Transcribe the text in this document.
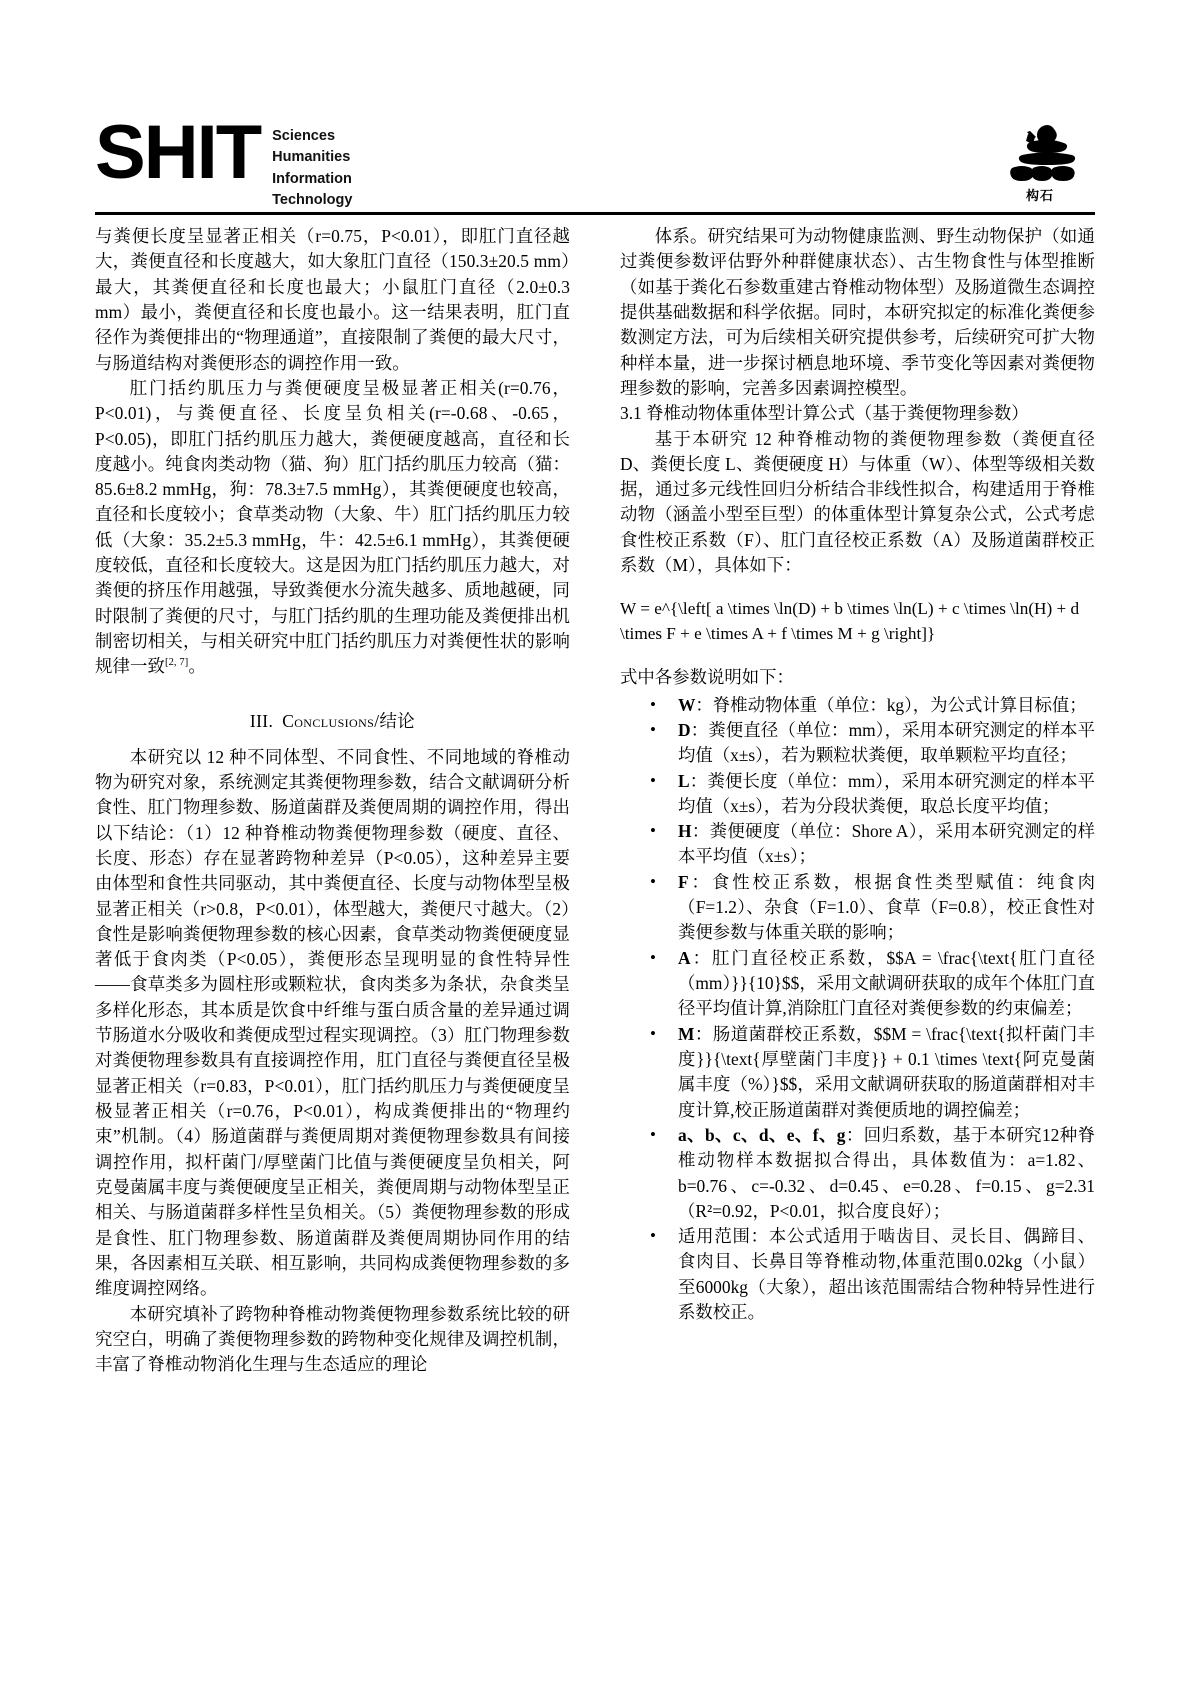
SHIT Sciences
Humanities
Information
Technology	构石

与粪便长度呈显著正相关（r=0.75，P<0.01），即肛门直径越大，粪便直径和长度越大，如大象肛门直径（150.3±20.5 mm）最大，其粪便直径和长度也最大；小鼠肛门直径（2.0±0.3 mm）最小，粪便直径和长度也最小。这一结果表明，肛门直径作为粪便排出的“物理通道”，直接限制了粪便的最大尺寸，与肠道结构对粪便形态的调控作用一致。

肛门括约肌压力与粪便硬度呈极显著正相关(r=0.76，P<0.01)，与粪便直径、长度呈负相关(r=-0.68、-0.65，P<0.05)，即肛门括约肌压力越大，粪便硬度越高，直径和长度越小。纯食肉类动物（猫、狗）肛门括约肌压力较高（猫：85.6±8.2 mmHg，狗：78.3±7.5 mmHg），其粪便硬度也较高，直径和长度较小；食草类动物（大象、牛）肛门括约肌压力较低（大象：35.2±5.3 mmHg，牛：42.5±6.1 mmHg），其粪便硬度较低，直径和长度较大。这是因为肛门括约肌压力越大，对粪便的挤压作用越强，导致粪便水分流失越多、质地越硬，同时限制了粪便的尺寸，与肛门括约肌的生理功能及粪便排出机制密切相关，与相关研究中肛门括约肌压力对粪便性状的影响规律一致[2, 7]。

III. Conclusions/结论

本研究以 12 种不同体型、不同食性、不同地域的脊椎动物为研究对象，系统测定其粪便物理参数，结合文献调研分析食性、肛门物理参数、肠道菌群及粪便周期的调控作用，得出以下结论：（1）12 种脊椎动物粪便物理参数（硬度、直径、长度、形态）存在显著跨物种差异（P<0.05），这种差异主要由体型和食性共同驱动，其中粪便直径、长度与动物体型呈极显著正相关（r>0.8，P<0.01），体型越大，粪便尺寸越大。（2）食性是影响粪便物理参数的核心因素，食草类动物粪便硬度显著低于食肉类（P<0.05），粪便形态呈现明显的食性特异性——食草类多为圆柱形或颗粒状，食肉类多为条状，杂食类呈多样化形态，其本质是饮食中纤维与蛋白质含量的差异通过调节肠道水分吸收和粪便成型过程实现调控。（3）肛门物理参数对粪便物理参数具有直接调控作用，肛门直径与粪便直径呈极显著正相关（r=0.83，P<0.01），肛门括约肌压力与粪便硬度呈极显著正相关（r=0.76，P<0.01），构成粪便排出的“物理约束”机制。（4）肠道菌群与粪便周期对粪便物理参数具有间接调控作用，拟杆菌门/厚壁菌门比值与粪便硬度呈负相关，阿克曼菌属丰度与粪便硬度呈正相关，粪便周期与动物体型呈正相关、与肠道菌群多样性呈负相关。（5）粪便物理参数的形成是食性、肛门物理参数、肠道菌群及粪便周期协同作用的结果，各因素相互关联、相互影响，共同构成粪便物理参数的多维度调控网络。

本研究填补了跨物种脊椎动物粪便物理参数系统比较的研究空白，明确了粪便物理参数的跨物种变化规律及调控机制，丰富了脊椎动物消化生理与生态适应的理论

体系。研究结果可为动物健康监测、野生动物保护（如通过粪便参数评估野外种群健康状态）、古生物食性与体型推断（如基于粪化石参数重建古脊椎动物体型）及肠道微生态调控提供基础数据和科学依据。同时，本研究拟定的标准化粪便参数测定方法，可为后续相关研究提供参考，后续研究可扩大物种样本量，进一步探讨栖息地环境、季节变化等因素对粪便物理参数的影响，完善多因素调控模型。

3.1 脊椎动物体重体型计算公式（基于粪便物理参数）

基于本研究 12 种脊椎动物的粪便物理参数（粪便直径 D、粪便长度 L、粪便硬度 H）与体重（W）、体型等级相关数据，通过多元线性回归分析结合非线性拟合，构建适用于脊椎动物（涵盖小型至巨型）的体重体型计算复杂公式，公式考虑食性校正系数（F）、肛门直径校正系数（A）及肠道菌群校正系数（M），具体如下：

W = e^{\left[ a \times \ln(D) + b \times \ln(L) + c \times \ln(H) + d \times F + e \times A + f \times M + g \right]}

式中各参数说明如下：

• W：脊椎动物体重（单位：kg），为公式计算目标值；
• D：粪便直径（单位：mm），采用本研究测定的样本平均值（x±s），若为颗粒状粪便，取单颗粒平均直径；
• L：粪便长度（单位：mm），采用本研究测定的样本平均值（x±s），若为分段状粪便，取总长度平均值；
• H：粪便硬度（单位：Shore A），采用本研究测定的样本平均值（x±s）；
• F：食性校正系数，根据食性类型赋值：纯食肉（F=1.2）、杂食（F=1.0）、食草（F=0.8），校正食性对粪便参数与体重关联的影响；
• A：肛门直径校正系数，$$A = \frac{\text{肛门直径（mm）}}{10}$$，采用文献调研获取的成年个体肛门直径平均值计算,消除肛门直径对粪便参数的约束偏差；
• M：肠道菌群校正系数，$$M = \frac{\text{拟杆菌门丰度}}{\text{厚壁菌门丰度}} + 0.1 \times \text{阿克曼菌属丰度（%）}$$，采用文献调研获取的肠道菌群相对丰度计算,校正肠道菌群对粪便质地的调控偏差；
• a、b、c、d、e、f、g：回归系数，基于本研究12种脊椎动物样本数据拟合得出，具体数值为：a=1.82、b=0.76、c=-0.32、d=0.45、e=0.28、f=0.15、g=2.31（R²=0.92，P<0.01，拟合度良好）；
• 适用范围：本公式适用于啮齿目、灵长目、偶蹄目、食肉目、长鼻目等脊椎动物,体重范围0.02kg（小鼠）至6000kg（大象），超出该范围需结合物种特异性进行系数校正。
